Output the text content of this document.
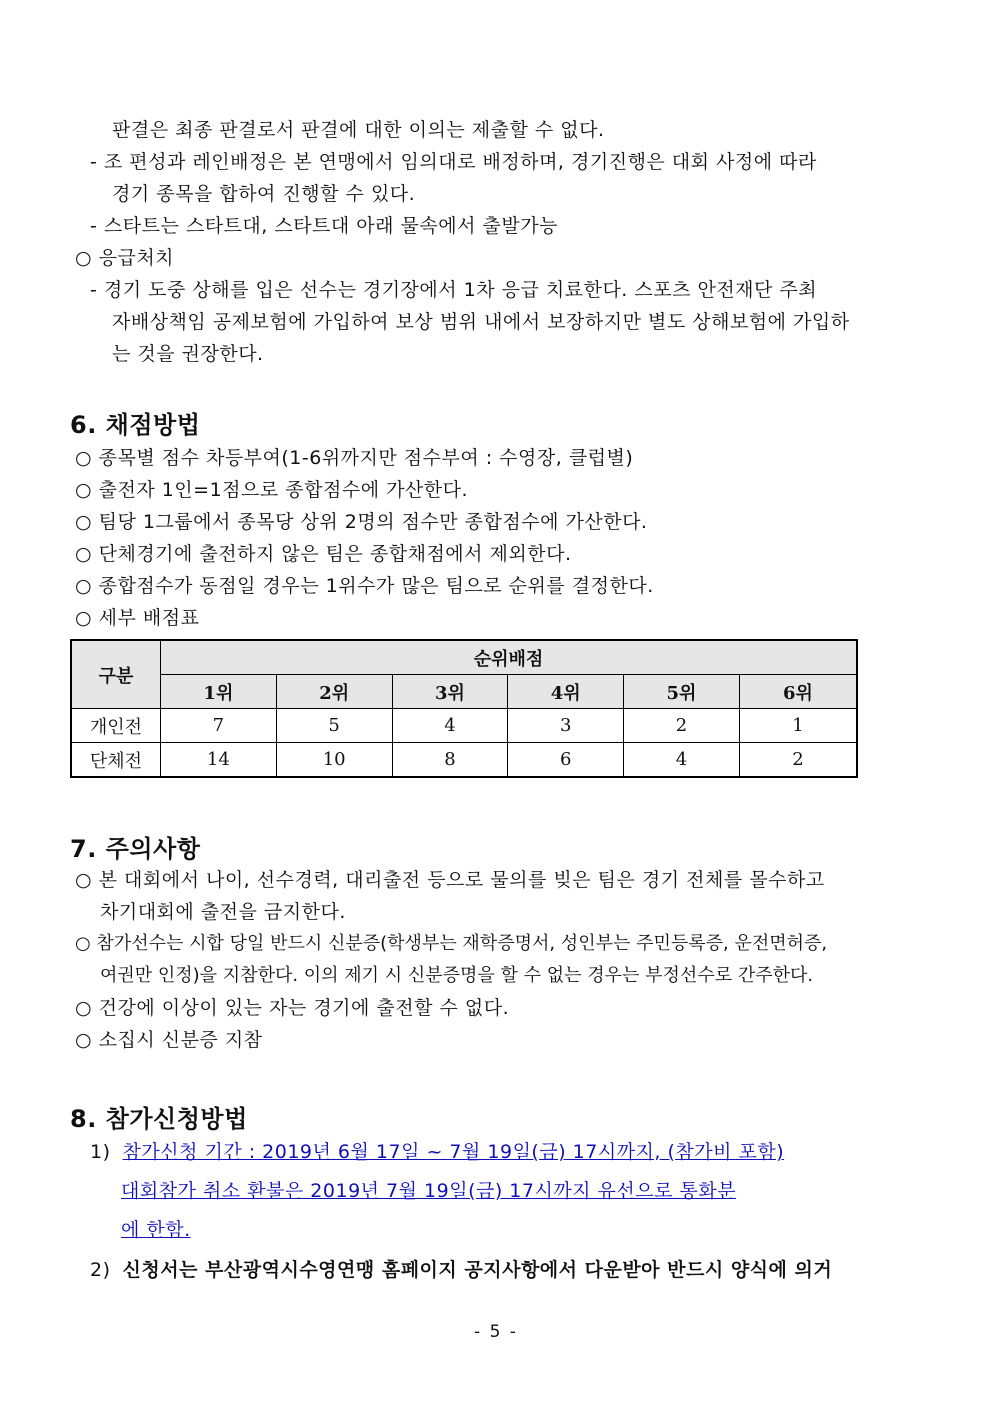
판결은 최종 판결로서 판결에 대한 이의는 제출할 수 없다.
- 조 편성과 레인배정은 본 연맹에서 임의대로 배정하며, 경기진행은 대회 사정에 따라
경기 종목을 합하여 진행할 수 있다.
- 스타트는 스타트대, 스타트대 아래 물속에서 출발가능
○ 응급처치
- 경기 도중 상해를 입은 선수는 경기장에서 1차 응급 치료한다. 스포츠 안전재단 주최
자배상책임 공제보험에 가입하여 보상 범위 내에서 보장하지만 별도 상해보험에 가입하
는 것을 권장한다.
6. 채점방법
○ 종목별 점수 차등부여(1-6위까지만 점수부여 : 수영장, 클럽별)
○ 출전자 1인=1점으로 종합점수에 가산한다.
○ 팀당 1그룹에서 종목당 상위 2명의 점수만 종합점수에 가산한다.
○ 단체경기에 출전하지 않은 팀은 종합채점에서 제외한다.
○ 종합점수가 동점일 경우는 1위수가 많은 팀으로 순위를 결정한다.
○ 세부 배점표
구분	순위배점					
	1위	2위	3위	4위	5위	6위
개인전	7	5	4	3	2	1
단체전	14	10	8	6	4	2
7. 주의사항
○ 본 대회에서 나이, 선수경력, 대리출전 등으로 물의를 빚은 팀은 경기 전체를 몰수하고
차기대회에 출전을 금지한다.
○ 참가선수는 시합 당일 반드시 신분증(학생부는 재학증명서, 성인부는 주민등록증, 운전면허증,
여권만 인정)을 지참한다. 이의 제기 시 신분증명을 할 수 없는 경우는 부정선수로 간주한다.
○ 건강에 이상이 있는 자는 경기에 출전할 수 없다.
○ 소집시 신분증 지참
8. 참가신청방법
1) 참가신청 기간 : 2019년 6월 17일 ~ 7월 19일(금) 17시까지, (참가비 포함)
대회참가 취소 환불은 2019년 7월 19일(금) 17시까지 유선으로 통화분
에 한함.
2) 신청서는 부산광역시수영연맹 홈페이지 공지사항에서 다운받아 반드시 양식에 의거
- 5 -
